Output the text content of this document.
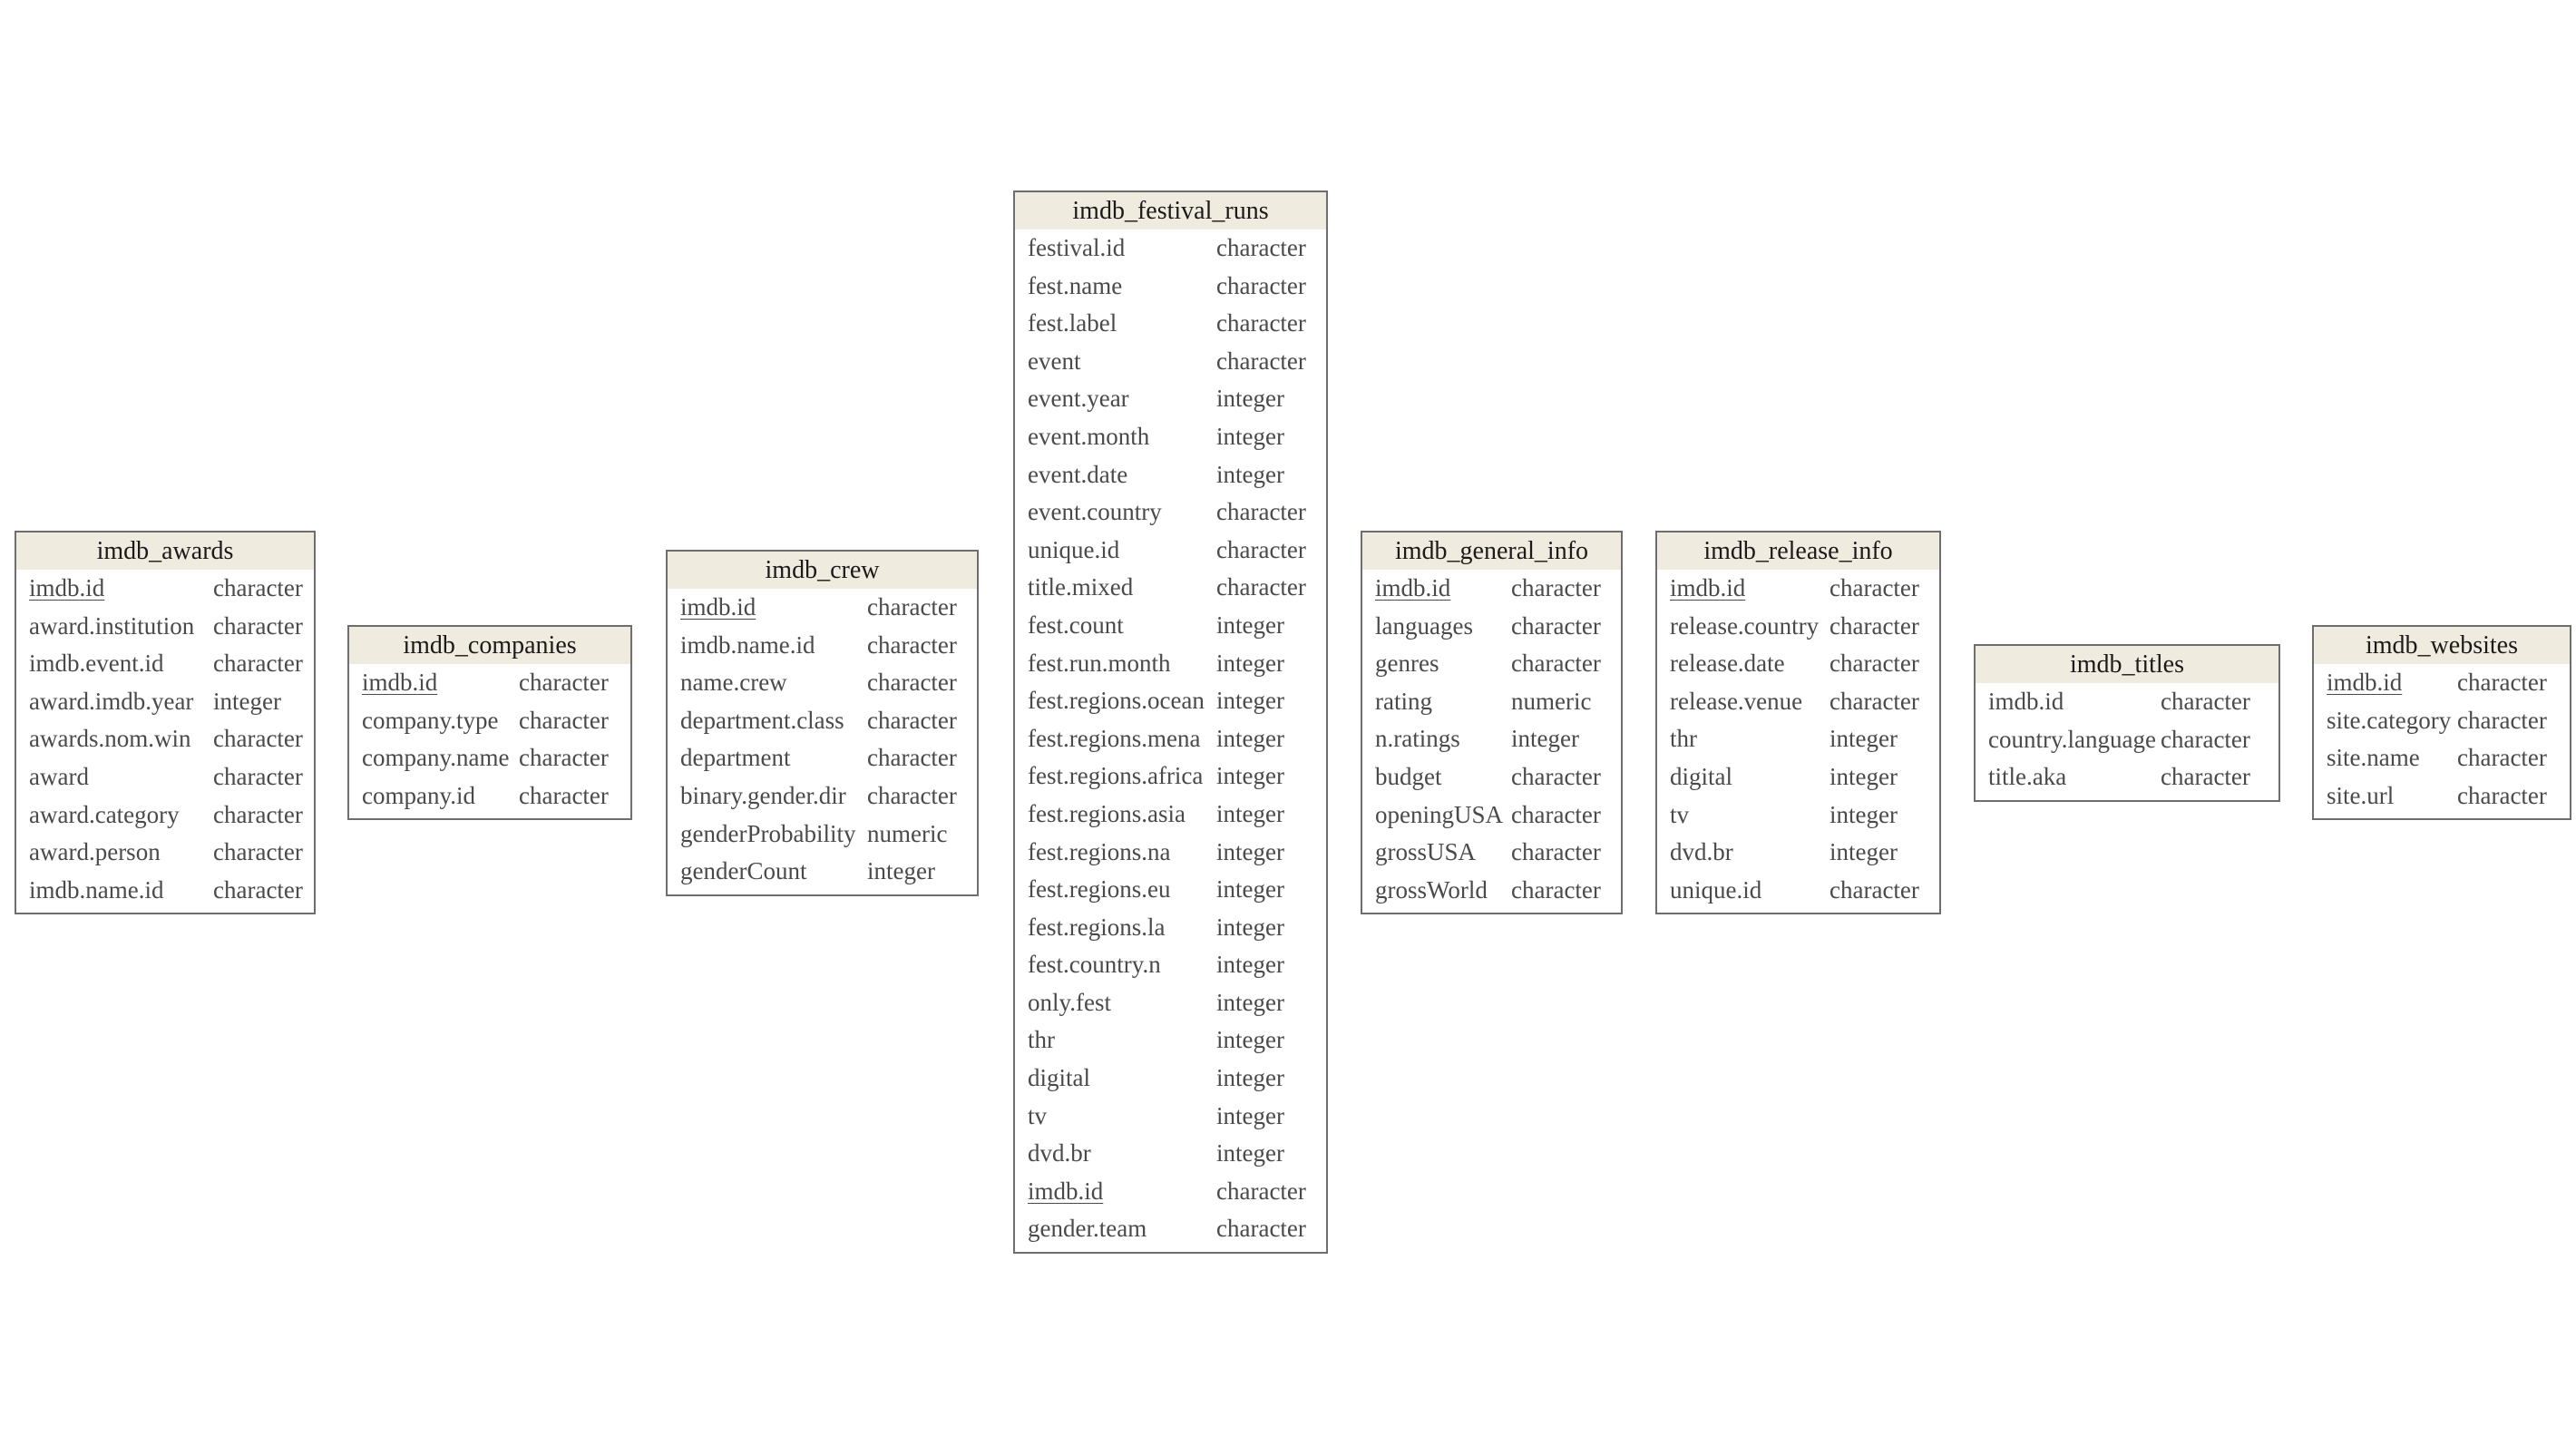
imdb_awards
imdb.id	character
award.institution character
imdb.event.id	character
award.imdb.year integer
awards.nom.win character
award	character
award.category	character
award.person	character
imdb.name.id	character
imdb_companies
imdb.id	character
company.type character
company.name character
company.id	character
imdb_crew
imdb.id	character
imdb.name.id	character
name.crew	character
department.class character
department	character
binary.gender.dir character
genderProbability numeric
genderCount	integer
imdb_festival_runs
festival.id	character
fest.name	character
fest.label	character
event	character
event.year	integer
event.month	integer
event.date	integer
event.country	character
unique.id	character
title.mixed	character
fest.count	integer
fest.run.month	integer
fest.regions.ocean integer
fest.regions.mena integer
fest.regions.africa integer
fest.regions.asia	integer
fest.regions.na	integer
fest.regions.eu	integer
fest.regions.la	integer
fest.country.n	integer
only.fest	integer
thr	integer
digital	integer
tv	integer
dvd.br	integer
imdb.id	character
gender.team	character
imdb_general_info
imdb.id	character
languages	character
genres	character
rating	numeric
n.ratings	integer
budget	character
openingUSA character
grossUSA	character
grossWorld character
imdb_release_info
imdb.id	character
release.country character
release.date	character
release.venue	character
thr	integer
digital	integer
tv	integer
dvd.br	integer
unique.id	character
imdb_titles
imdb.id	character
country.language character
title.aka	character
imdb_websites
imdb.id	character
site.category character
site.name	character
site.url	character
